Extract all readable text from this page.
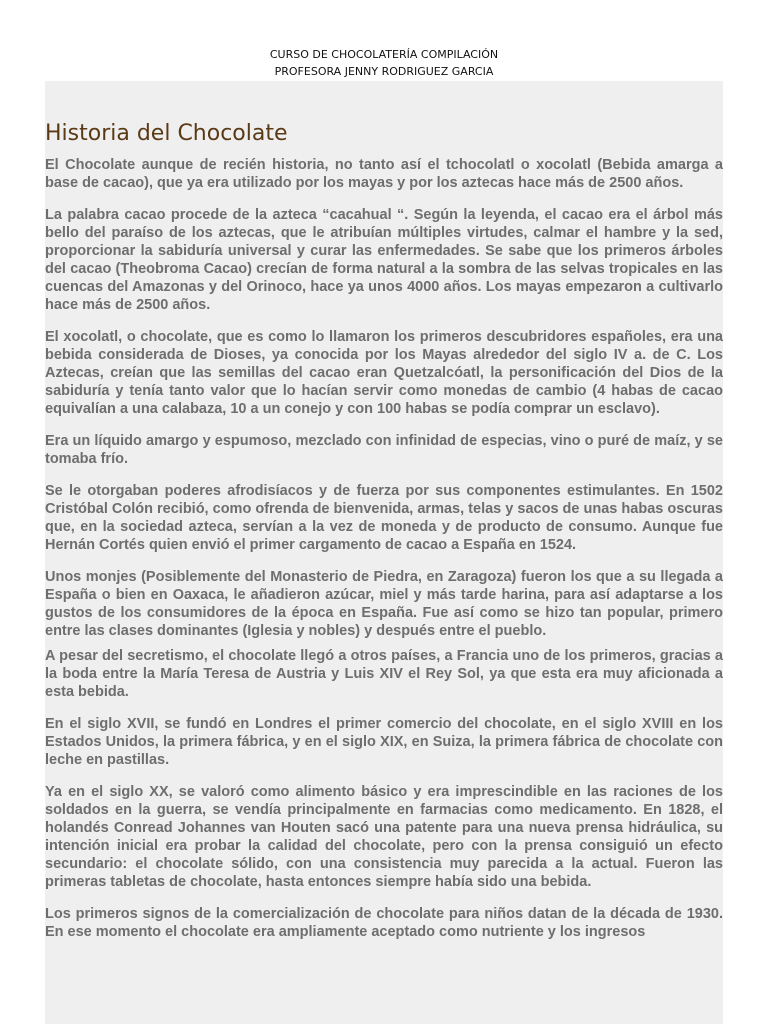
CURSO DE CHOCOLATERÍA COMPILACIÓN
PROFESORA JENNY RODRIGUEZ GARCIA
Historia del Chocolate

El Chocolate aunque de recién historia, no tanto así el tchocolatl o xocolatl (Bebida amarga a base de cacao), que ya era utilizado por los mayas y por los aztecas hace más de 2500 años.

La palabra cacao procede de la azteca “cacahual “. Según la leyenda, el cacao era el árbol más bello del paraíso de los aztecas, que le atribuían múltiples virtudes, calmar el hambre y la sed, proporcionar la sabiduría universal y curar las enfermedades. Se sabe que los primeros árboles del cacao (Theobroma Cacao) crecían de forma natural a la sombra de las selvas tropicales en las cuencas del Amazonas y del Orinoco, hace ya unos 4000 años. Los mayas empezaron a cultivarlo hace más de 2500 años.

El xocolatl, o chocolate, que es como lo llamaron los primeros descubridores españoles, era una bebida considerada de Dioses, ya conocida por los Mayas alrededor del siglo IV a. de C. Los Aztecas, creían que las semillas del cacao eran Quetzalcóatl, la personificación del Dios de la sabiduría y tenía tanto valor que lo hacían servir como monedas de cambio (4 habas de cacao equivalían a una calabaza, 10 a un conejo y con 100 habas se podía comprar un esclavo).

Era un líquido amargo y espumoso, mezclado con infinidad de especias, vino o puré de maíz, y se tomaba frío.

Se le otorgaban poderes afrodisíacos y de fuerza por sus componentes estimulantes. En 1502 Cristóbal Colón recibió, como ofrenda de bienvenida, armas, telas y sacos de unas habas oscuras que, en la sociedad azteca, servían a la vez de moneda y de producto de consumo. Aunque fue Hernán Cortés quien envió el primer cargamento de cacao a España en 1524.

Unos monjes (Posiblemente del Monasterio de Piedra, en Zaragoza) fueron los que a su llegada a España o bien en Oaxaca, le añadieron azúcar, miel y más tarde harina, para así adaptarse a los gustos de los consumidores de la época en España. Fue así como se hizo tan popular, primero entre las clases dominantes (Iglesia y nobles) y después entre el pueblo.

A pesar del secretismo, el chocolate llegó a otros países, a Francia uno de los primeros, gracias a la boda entre la María Teresa de Austria y Luis XIV el Rey Sol, ya que esta era muy aficionada a esta bebida.

En el siglo XVII, se fundó en Londres el primer comercio del chocolate, en el siglo XVIII en los Estados Unidos, la primera fábrica, y en el siglo XIX, en Suiza, la primera fábrica de chocolate con leche en pastillas.

Ya en el siglo XX, se valoró como alimento básico y era imprescindible en las raciones de los soldados en la guerra, se vendía principalmente en farmacias como medicamento. En 1828, el holandés Conread Johannes van Houten sacó una patente para una nueva prensa hidráulica, su intención inicial era probar la calidad del chocolate, pero con la prensa consiguió un efecto secundario: el chocolate sólido, con una consistencia muy parecida a la actual. Fueron las primeras tabletas de chocolate, hasta entonces siempre había sido una bebida.

Los primeros signos de la comercialización de chocolate para niños datan de la década de 1930. En ese momento el chocolate era ampliamente aceptado como nutriente y los ingresos
